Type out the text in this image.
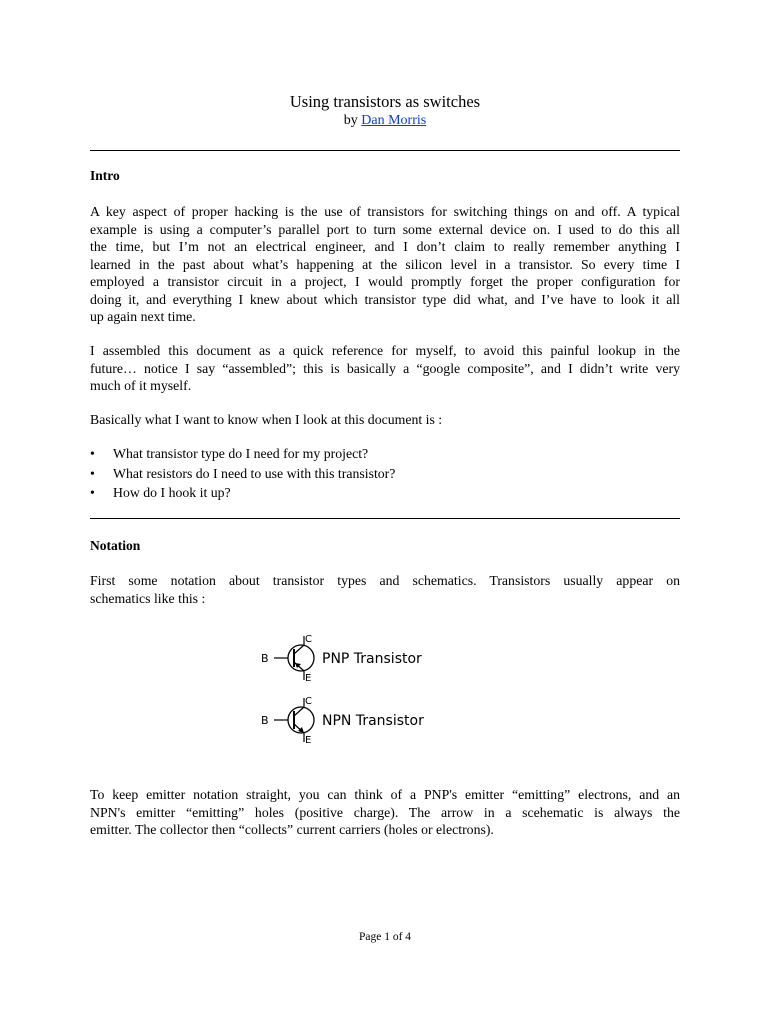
Using transistors as switches
by Dan Morris
Intro
A key aspect of proper hacking is the use of transistors for switching things on and off. A typical
example is using a computer’s parallel port to turn some external device on. I used to do this all
the time, but I’m not an electrical engineer, and I don’t claim to really remember anything I
learned in the past about what’s happening at the silicon level in a transistor. So every time I
employed a transistor circuit in a project, I would promptly forget the proper configuration for
doing it, and everything I knew about which transistor type did what, and I’ve have to look it all
up again next time.
I assembled this document as a quick reference for myself, to avoid this painful lookup in the
future… notice I say “assembled”; this is basically a “google composite”, and I didn’t write very
much of it myself.
Basically what I want to know when I look at this document is :
• What transistor type do I need for my project?
• What resistors do I need to use with this transistor?
• How do I hook it up?
Notation
First some notation about transistor types and schematics. Transistors usually appear on
schematics like this :
B
C
E
PNP Transistor
B
C
E
NPN Transistor
To keep emitter notation straight, you can think of a PNP's emitter “emitting” electrons, and an
NPN's emitter “emitting” holes (positive charge). The arrow in a scehematic is always the
emitter. The collector then “collects” current carriers (holes or electrons).
Page 1 of 4
